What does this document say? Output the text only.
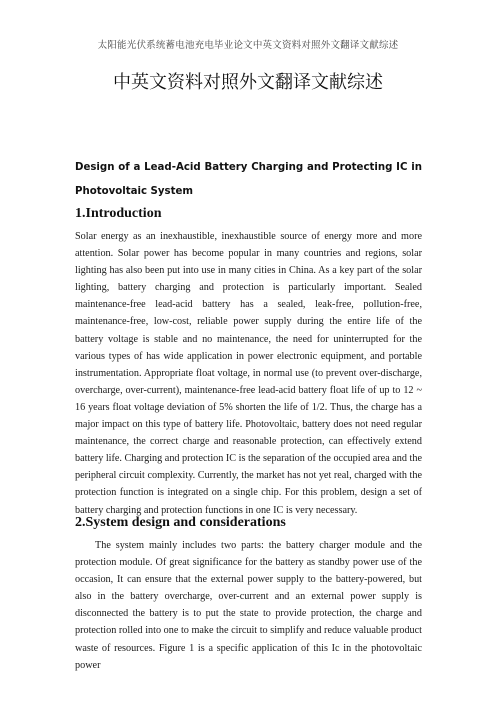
太阳能光伏系统蓄电池充电毕业论文中英文资料对照外文翻译文献综述
中英文资料对照外文翻译文献综述
Design of a Lead-Acid Battery Charging and Protecting IC in Photovoltaic System
1.Introduction
Solar energy as an inexhaustible, inexhaustible source of energy more and more attention. Solar power has become popular in many countries and regions, solar lighting has also been put into use in many cities in China. As a key part of the solar lighting, battery charging and protection is particularly important. Sealed maintenance-free lead-acid battery has a sealed, leak-free, pollution-free, maintenance-free, low-cost, reliable power supply during the entire life of the battery voltage is stable and no maintenance, the need for uninterrupted for the various types of has wide application in power electronic equipment, and portable instrumentation. Appropriate float voltage, in normal use (to prevent over-discharge, overcharge, over-current), maintenance-free lead-acid battery float life of up to 12 ~ 16 years float voltage deviation of 5% shorten the life of 1/2. Thus, the charge has a major impact on this type of battery life. Photovoltaic, battery does not need regular maintenance, the correct charge and reasonable protection, can effectively extend battery life. Charging and protection IC is the separation of the occupied area and the peripheral circuit complexity. Currently, the market has not yet real, charged with the protection function is integrated on a single chip. For this problem, design a set of battery charging and protection functions in one IC is very necessary.
2.System design and considerations
The system mainly includes two parts: the battery charger module and the protection module. Of great significance for the battery as standby power use of the occasion, It can ensure that the external power supply to the battery-powered, but also in the battery overcharge, over-current and an external power supply is disconnected the battery is to put the state to provide protection, the charge and protection rolled into one to make the circuit to simplify and reduce valuable product waste of resources. Figure 1 is a specific application of this Ic in the photovoltaic power
